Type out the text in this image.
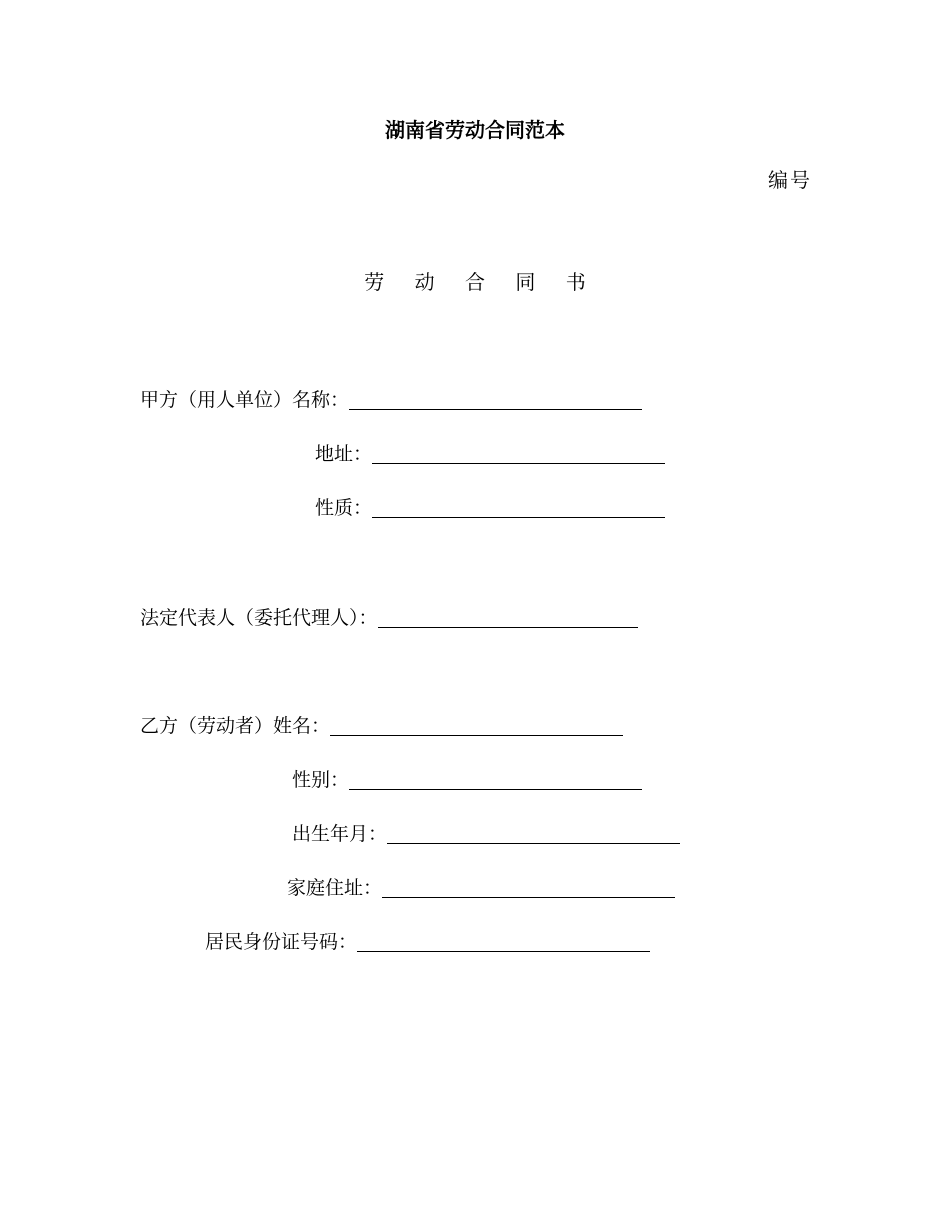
湖南省劳动合同范本
编号
劳 动 合 同 书
甲方（用人单位）名称：
地址：
性质：
法定代表人（委托代理人）：
乙方（劳动者）姓名：
性别：
出生年月：
家庭住址：
居民身份证号码：
